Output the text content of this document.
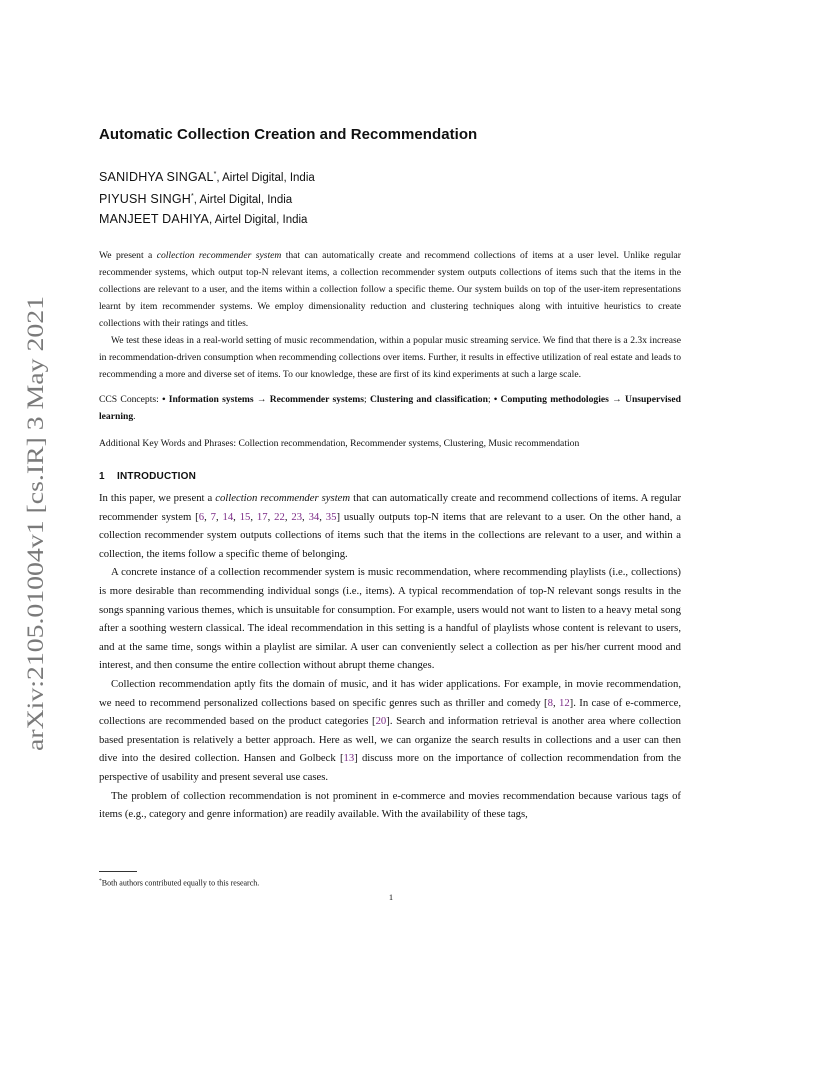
arXiv:2105.01004v1 [cs.IR] 3 May 2021
Automatic Collection Creation and Recommendation
SANIDHYA SINGAL*, Airtel Digital, India
PIYUSH SINGH*, Airtel Digital, India
MANJEET DAHIYA, Airtel Digital, India

We present a collection recommender system that can automatically create and recommend collections of items at a user level. Unlike regular recommender systems, which output top-N relevant items, a collection recommender system outputs collections of items such that the items in the collections are relevant to a user, and the items within a collection follow a specific theme. Our system builds on top of the user-item representations learnt by item recommender systems. We employ dimensionality reduction and clustering techniques along with intuitive heuristics to create collections with their ratings and titles.

We test these ideas in a real-world setting of music recommendation, within a popular music streaming service. We find that there is a 2.3x increase in recommendation-driven consumption when recommending collections over items. Further, it results in effective utilization of real estate and leads to recommending a more and diverse set of items. To our knowledge, these are first of its kind experiments at such a large scale.

CCS Concepts: • Information systems → Recommender systems; Clustering and classification; • Computing methodologies → Unsupervised learning.
Additional Key Words and Phrases: Collection recommendation, Recommender systems, Clustering, Music recommendation
1 INTRODUCTION

In this paper, we present a collection recommender system that can automatically create and recommend collections of items. A regular recommender system [6, 7, 14, 15, 17, 22, 23, 34, 35] usually outputs top-N items that are relevant to a user. On the other hand, a collection recommender system outputs collections of items such that the items in the collections are relevant to a user, and within a collection, the items follow a specific theme of belonging.

A concrete instance of a collection recommender system is music recommendation, where recommending playlists (i.e., collections) is more desirable than recommending individual songs (i.e., items). A typical recommendation of top-N relevant songs results in the songs spanning various themes, which is unsuitable for consumption. For example, users would not want to listen to a heavy metal song after a soothing western classical. The ideal recommendation in this setting is a handful of playlists whose content is relevant to users, and at the same time, songs within a playlist are similar. A user can conveniently select a collection as per his/her current mood and interest, and then consume the entire collection without abrupt theme changes.

Collection recommendation aptly fits the domain of music, and it has wider applications. For example, in movie recommendation, we need to recommend personalized collections based on specific genres such as thriller and comedy [8, 12]. In case of e-commerce, collections are recommended based on the product categories [20]. Search and information retrieval is another area where collection based presentation is relatively a better approach. Here as well, we can organize the search results in collections and a user can then dive into the desired collection. Hansen and Golbeck [13] discuss more on the importance of collection recommendation from the perspective of usability and present several use cases.

The problem of collection recommendation is not prominent in e-commerce and movies recommendation because various tags of items (e.g., category and genre information) are readily available. With the availability of these tags,

*Both authors contributed equally to this research.
1
